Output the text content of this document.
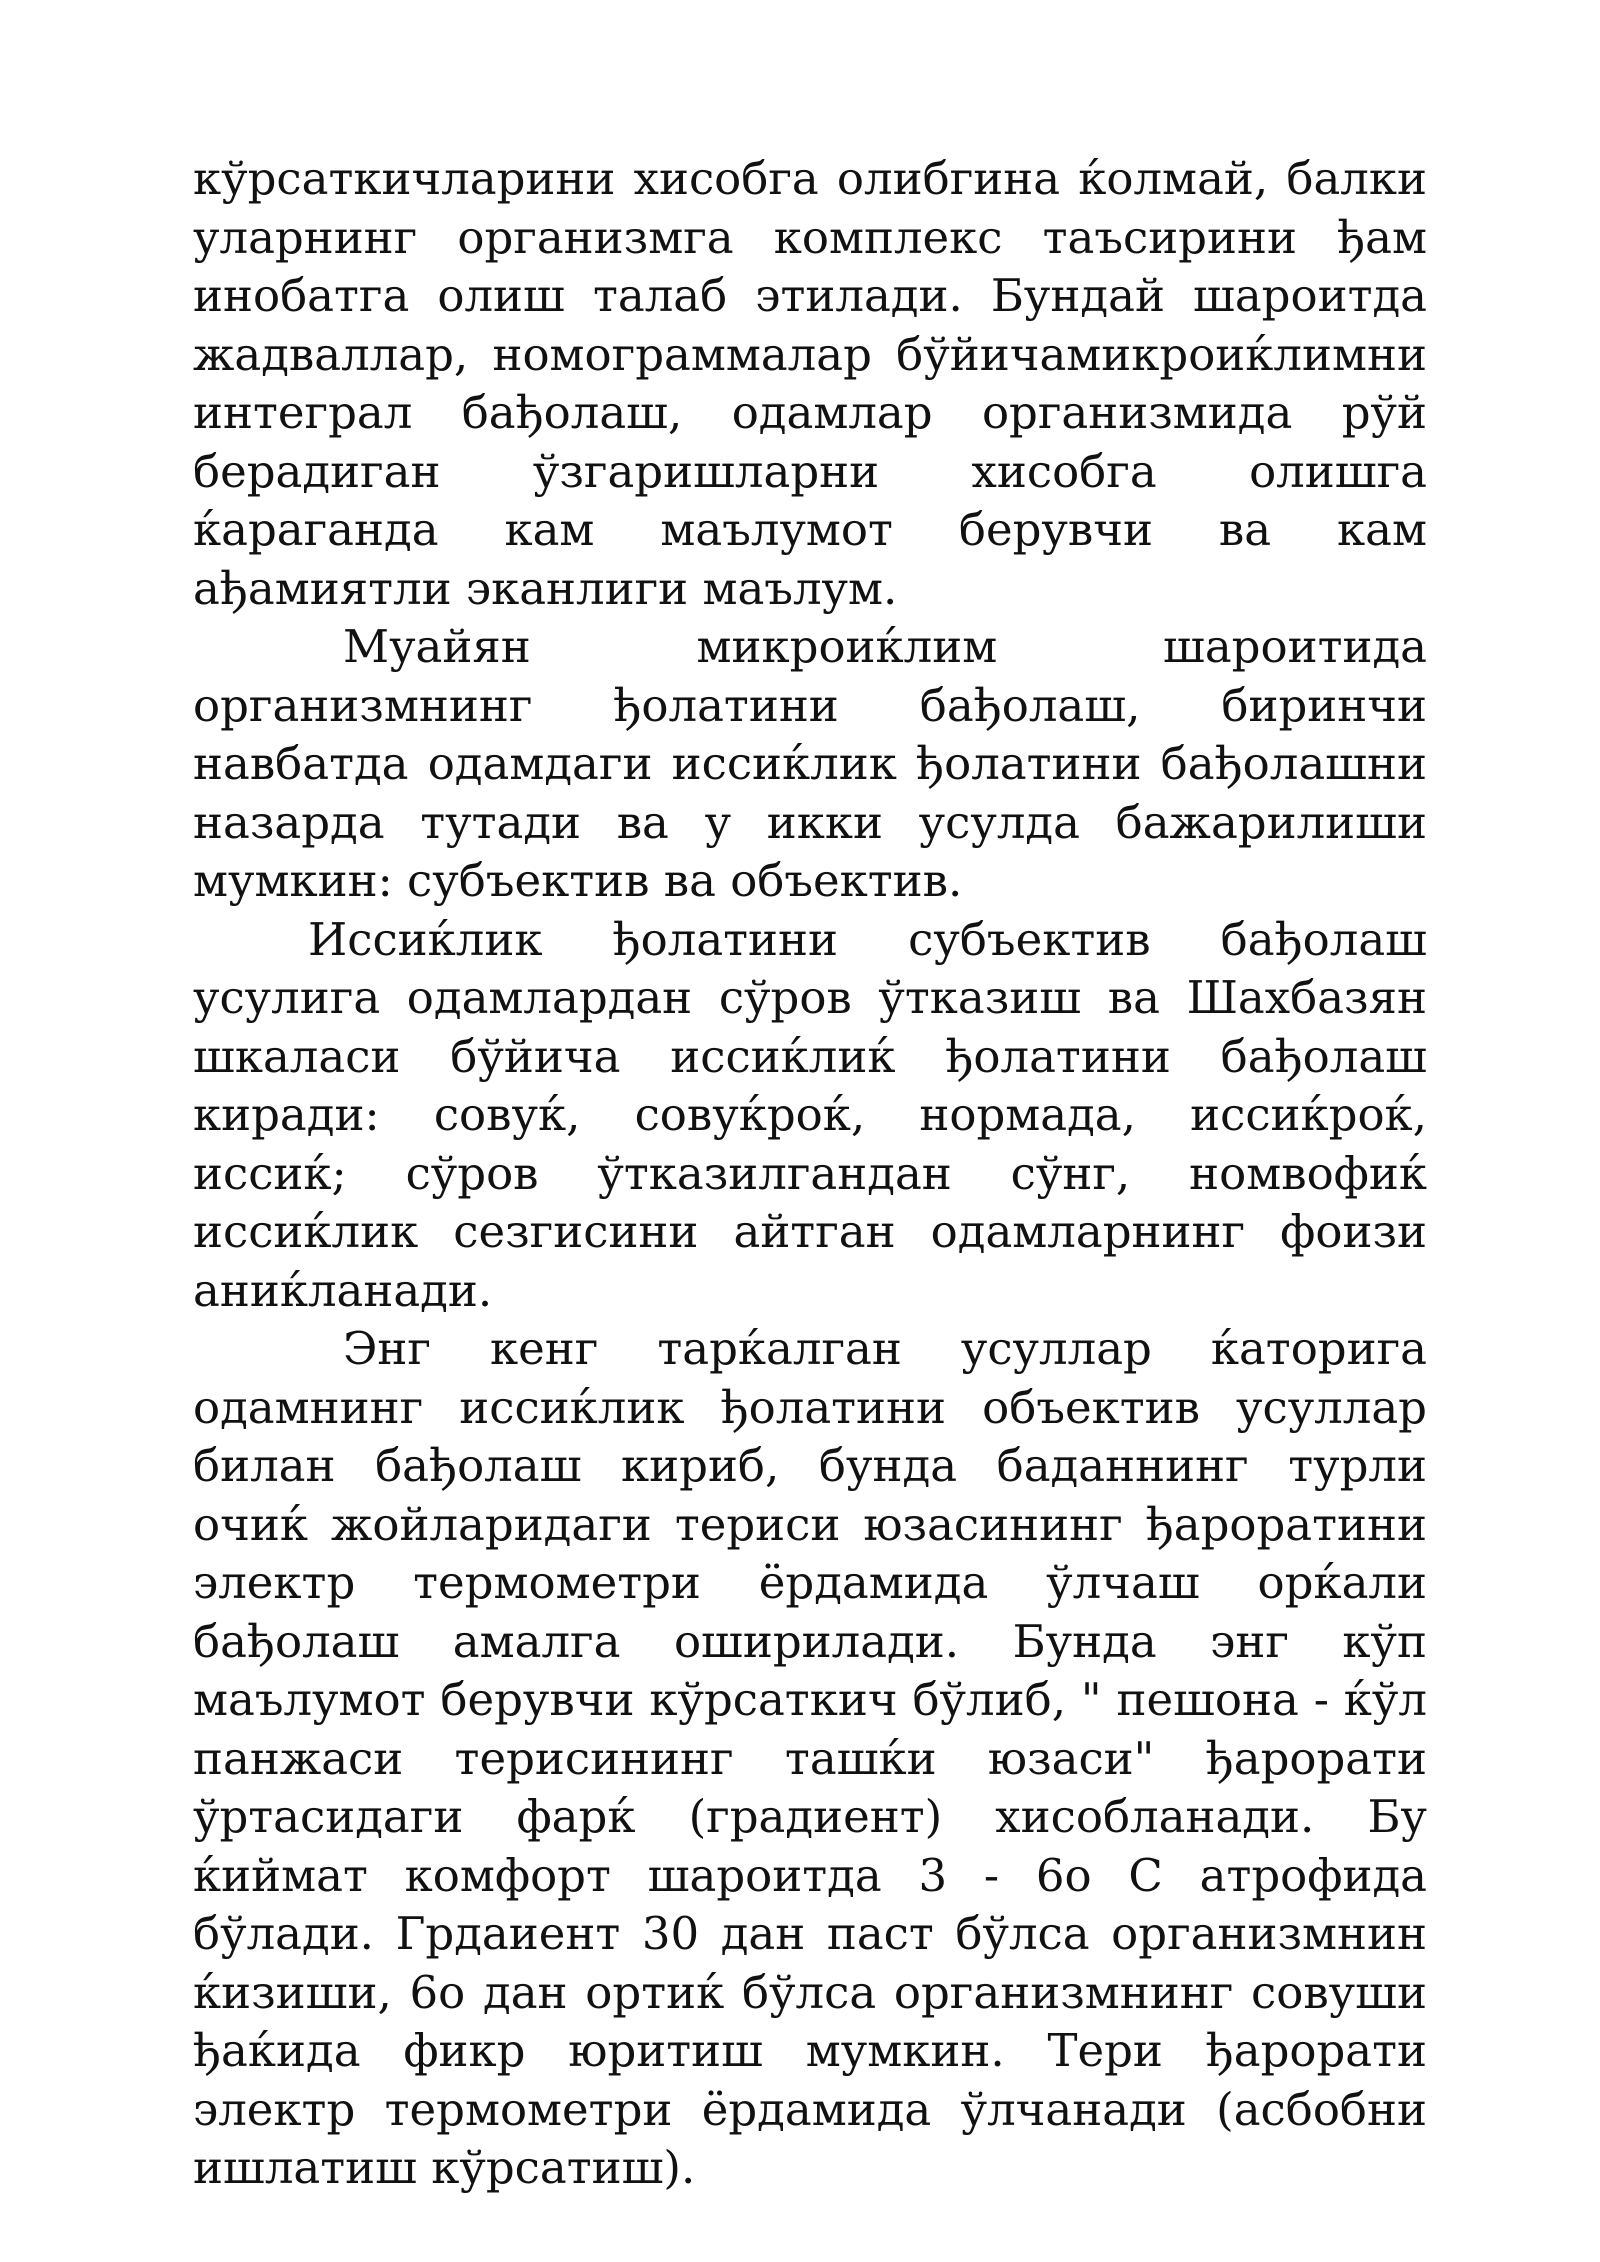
кўрсаткичларини хисобга олибгина ќолмай, балки уларнинг организмга комплекс таъсирини ђам инобатга олиш талаб этилади. Бундай шароитда жадваллар, номограммалар бўйичамикроиќлимни интеграл бађолаш, одамлар организмида рўй берадиган ўзгаришларни хисобга олишга ќараганда кам маълумот берувчи ва кам ађамиятли эканлиги маълум.

Муайян микроиќлим шароитида организмнинг ђолатини бађолаш, биринчи навбатда одамдаги иссиќлик ђолатини бађолашни назарда тутади ва у икки усулда бажарилиши мумкин: субъектив ва объектив.

Иссиќлик ђолатини субъектив бађолаш усулига одамлардан сўров ўтказиш ва Шахбазян шкаласи бўйича иссиќлиќ ђолатини бађолаш киради: совуќ, совуќроќ, нормада, иссиќроќ, иссиќ; сўров ўтказилгандан сўнг, номвофиќ иссиќлик сезгисини айтган одамларнинг фоизи аниќланади.

Энг кенг тарќалган усуллар ќаторига одамнинг иссиќлик ђолатини объектив усуллар билан бађолаш кириб, бунда баданнинг турли очиќ жойларидаги териси юзасининг ђароратини электр термометри ёрдамида ўлчаш орќали бађолаш амалга оширилади. Бунда энг кўп маълумот берувчи кўрсаткич бўлиб, " пешона - ќўл панжаси терисининг ташќи юзаси" ђарорати ўртасидаги фарќ (градиент) хисобланади. Бу ќиймат комфорт шароитда 3 - 6о С атрофида бўлади. Грдаиент 30 дан паст бўлса организмнин ќизиши, 6о дан ортиќ бўлса организмнинг совуши ђаќида фикр юритиш мумкин. Тери ђарорати электр термометри ёрдамида ўлчанади (асбобни ишлатиш кўрсатиш).
